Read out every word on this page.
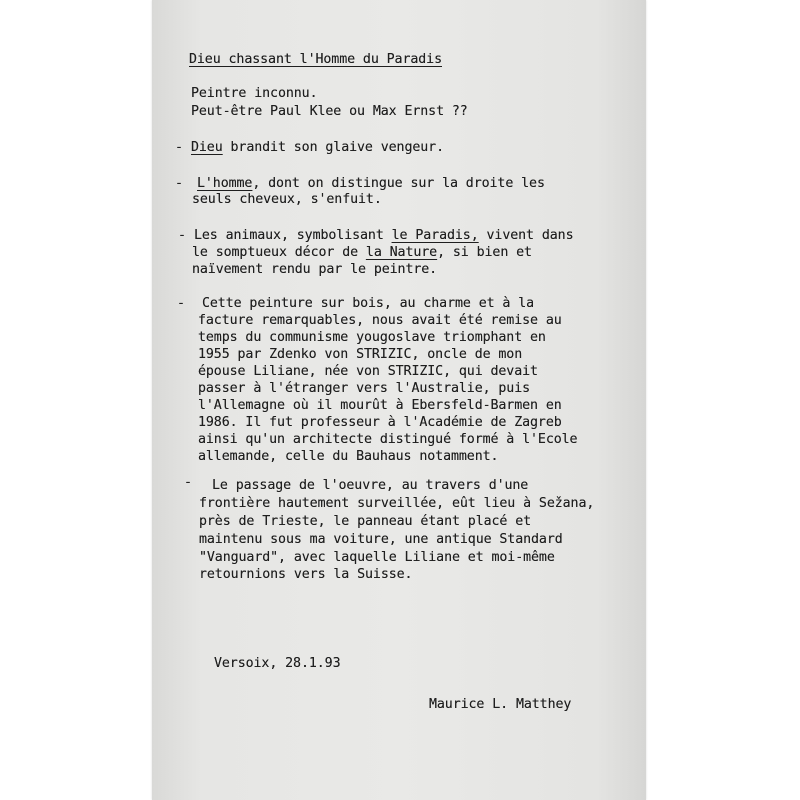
Dieu chassant l'Homme du Paradis
Peintre inconnu.
Peut-être Paul Klee ou Max Ernst ??
- Dieu brandit son glaive vengeur.
- L'homme, dont on distingue sur la droite les
seuls cheveux, s'enfuit.
- Les animaux, symbolisant le Paradis, vivent dans
le somptueux décor de la Nature, si bien et
naïvement rendu par le peintre.
- Cette peinture sur bois, au charme et à la
facture remarquables, nous avait été remise au
temps du communisme yougoslave triomphant en
1955 par Zdenko von STRIZIC, oncle de mon
épouse Liliane, née von STRIZIC, qui devait
passer à l'étranger vers l'Australie, puis
l'Allemagne où il mourût à Ebersfeld-Barmen en
1986. Il fut professeur à l'Académie de Zagreb
ainsi qu'un architecte distingué formé à l'Ecole
allemande, celle du Bauhaus notamment.
- Le passage de l'oeuvre, au travers d'une
frontière hautement surveillée, eût lieu à Sežana,
près de Trieste, le panneau étant placé et
maintenu sous ma voiture, une antique Standard
"Vanguard", avec laquelle Liliane et moi-même
retournions vers la Suisse.
Versoix, 28.1.93
Maurice L. Matthey
